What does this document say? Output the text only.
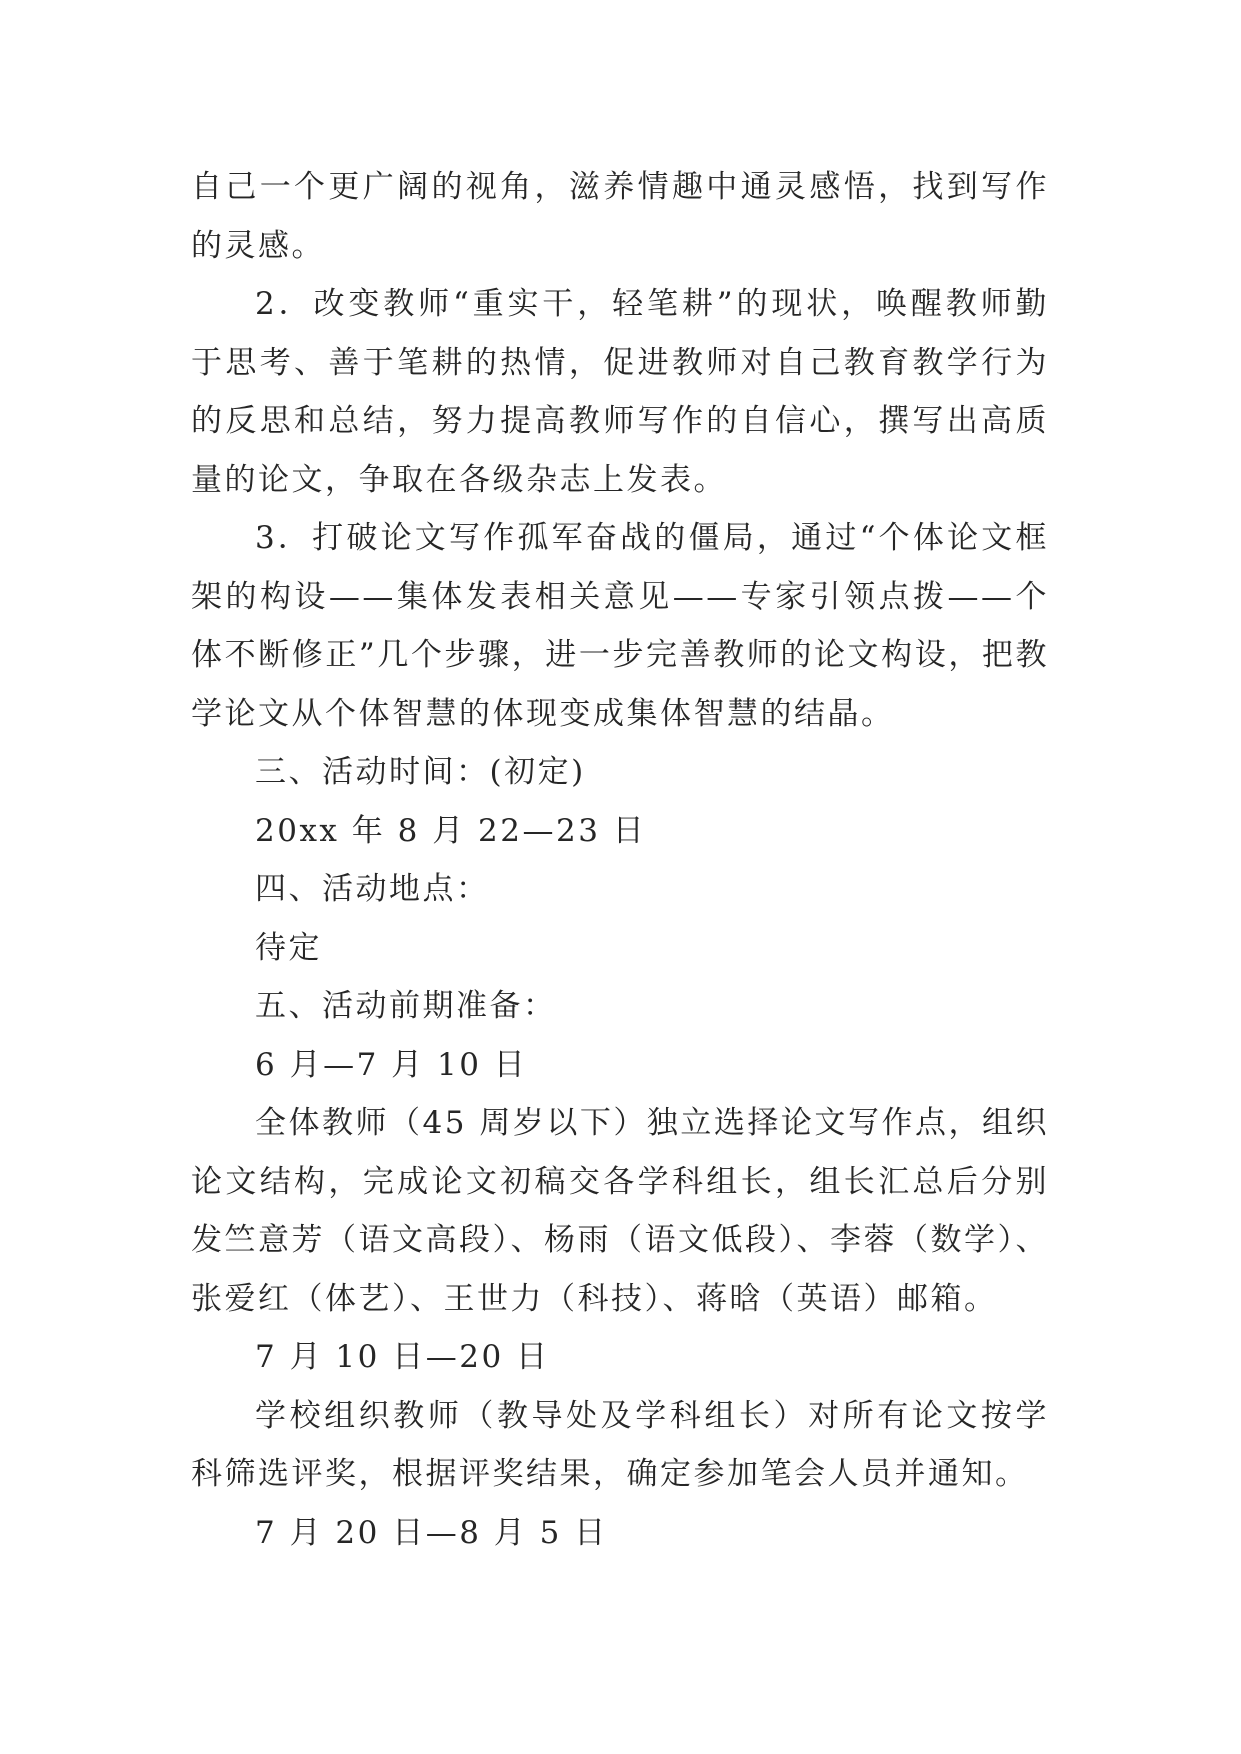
自己一个更广阔的视角，滋养情趣中通灵感悟，找到写作的灵感。

2．改变教师“重实干，轻笔耕”的现状，唤醒教师勤于思考、善于笔耕的热情，促进教师对自己教育教学行为的反思和总结，努力提高教师写作的自信心，撰写出高质量的论文，争取在各级杂志上发表。

3．打破论文写作孤军奋战的僵局，通过“个体论文框架的构设——集体发表相关意见——专家引领点拨——个体不断修正”几个步骤，进一步完善教师的论文构设，把教学论文从个体智慧的体现变成集体智慧的结晶。

三、活动时间：(初定)

20xx 年 8 月 22—23 日

四、活动地点：

待定

五、活动前期准备：

6 月—7 月 10 日

全体教师（45 周岁以下）独立选择论文写作点，组织论文结构，完成论文初稿交各学科组长，组长汇总后分别发竺意芳（语文高段）、杨雨（语文低段）、李蓉（数学）、张爱红（体艺）、王世力（科技）、蒋晗（英语）邮箱。

7 月 10 日—20 日

学校组织教师（教导处及学科组长）对所有论文按学科筛选评奖，根据评奖结果，确定参加笔会人员并通知。

7 月 20 日—8 月 5 日
